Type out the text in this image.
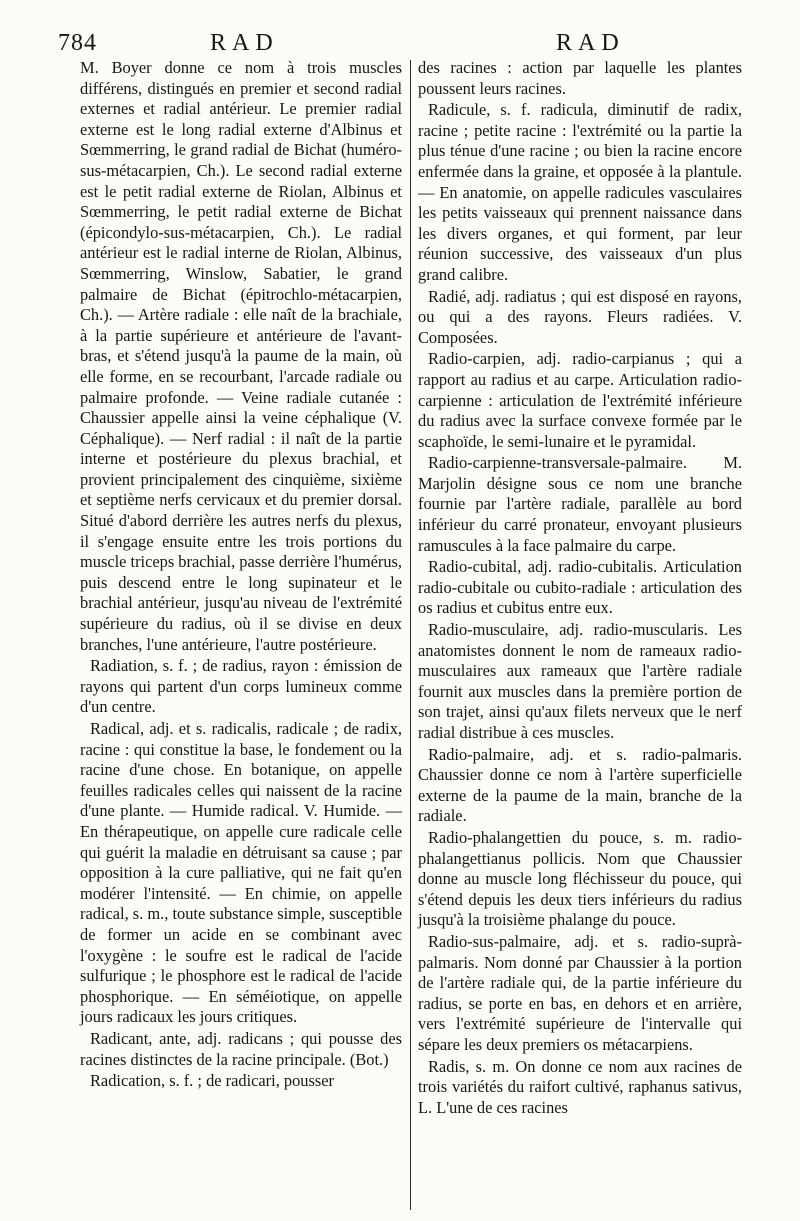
784	RAD	RAD

M. Boyer donne ce nom à trois muscles différens, distingués en premier et second radial externes et radial antérieur. Le premier radial externe est le long radial externe d'Albinus et Sœmmerring, le grand radial de Bichat (huméro-sus-métacarpien, Ch.). Le second radial externe est le petit radial externe de Riolan, Albinus et Sœmmerring, le petit radial externe de Bichat (épicondylo-sus-métacarpien, Ch.). Le radial antérieur est le radial interne de Riolan, Albinus, Sœmmerring, Winslow, Sabatier, le grand palmaire de Bichat (épitrochlo-métacarpien, Ch.). — Artère radiale : elle naît de la brachiale, à la partie supérieure et antérieure de l'avant-bras, et s'étend jusqu'à la paume de la main, où elle forme, en se recourbant, l'arcade radiale ou palmaire profonde. — Veine radiale cutanée : Chaussier appelle ainsi la veine céphalique (V. Céphalique). — Nerf radial : il naît de la partie interne et postérieure du plexus brachial, et provient principalement des cinquième, sixième et septième nerfs cervicaux et du premier dorsal. Situé d'abord derrière les autres nerfs du plexus, il s'engage ensuite entre les trois portions du muscle triceps brachial, passe derrière l'humérus, puis descend entre le long supinateur et le brachial antérieur, jusqu'au niveau de l'extrémité supérieure du radius, où il se divise en deux branches, l'une antérieure, l'autre postérieure.

Radiation, s. f. ; de radius, rayon : émission de rayons qui partent d'un corps lumineux comme d'un centre.

Radical, adj. et s. radicalis, radicale ; de radix, racine : qui constitue la base, le fondement ou la racine d'une chose. En botanique, on appelle feuilles radicales celles qui naissent de la racine d'une plante. — Humide radical. V. Humide. — En thérapeutique, on appelle cure radicale celle qui guérit la maladie en détruisant sa cause ; par opposition à la cure palliative, qui ne fait qu'en modérer l'intensité. — En chimie, on appelle radical, s. m., toute substance simple, susceptible de former un acide en se combinant avec l'oxygène : le soufre est le radical de l'acide sulfurique ; le phosphore est le radical de l'acide phosphorique. — En séméiotique, on appelle jours radicaux les jours critiques.

Radicant, ante, adj. radicans ; qui pousse des racines distinctes de la racine principale. (Bot.)

Radication, s. f. ; de radicari, pousser

des racines : action par laquelle les plantes poussent leurs racines.

Radicule, s. f. radicula, diminutif de radix, racine ; petite racine : l'extrémité ou la partie la plus ténue d'une racine ; ou bien la racine encore enfermée dans la graine, et opposée à la plantule. — En anatomie, on appelle radicules vasculaires les petits vaisseaux qui prennent naissance dans les divers organes, et qui forment, par leur réunion successive, des vaisseaux d'un plus grand calibre.

Radié, adj. radiatus ; qui est disposé en rayons, ou qui a des rayons. Fleurs radiées. V. Composées.

Radio-carpien, adj. radio-carpianus ; qui a rapport au radius et au carpe. Articulation radio-carpienne : articulation de l'extrémité inférieure du radius avec la surface convexe formée par le scaphoïde, le semi-lunaire et le pyramidal.

Radio-carpienne-transversale-palmaire. M. Marjolin désigne sous ce nom une branche fournie par l'artère radiale, parallèle au bord inférieur du carré pronateur, envoyant plusieurs ramuscules à la face palmaire du carpe.

Radio-cubital, adj. radio-cubitalis. Articulation radio-cubitale ou cubito-radiale : articulation des os radius et cubitus entre eux.

Radio-musculaire, adj. radio-muscularis. Les anatomistes donnent le nom de rameaux radio-musculaires aux rameaux que l'artère radiale fournit aux muscles dans la première portion de son trajet, ainsi qu'aux filets nerveux que le nerf radial distribue à ces muscles.

Radio-palmaire, adj. et s. radio-palmaris. Chaussier donne ce nom à l'artère superficielle externe de la paume de la main, branche de la radiale.

Radio-phalangettien du pouce, s. m. radio-phalangettianus pollicis. Nom que Chaussier donne au muscle long fléchisseur du pouce, qui s'étend depuis les deux tiers inférieurs du radius jusqu'à la troisième phalange du pouce.

Radio-sus-palmaire, adj. et s. radio-suprà-palmaris. Nom donné par Chaussier à la portion de l'artère radiale qui, de la partie inférieure du radius, se porte en bas, en dehors et en arrière, vers l'extrémité supérieure de l'intervalle qui sépare les deux premiers os métacarpiens.

Radis, s. m. On donne ce nom aux racines de trois variétés du raifort cultivé, raphanus sativus, L. L'une de ces racines
